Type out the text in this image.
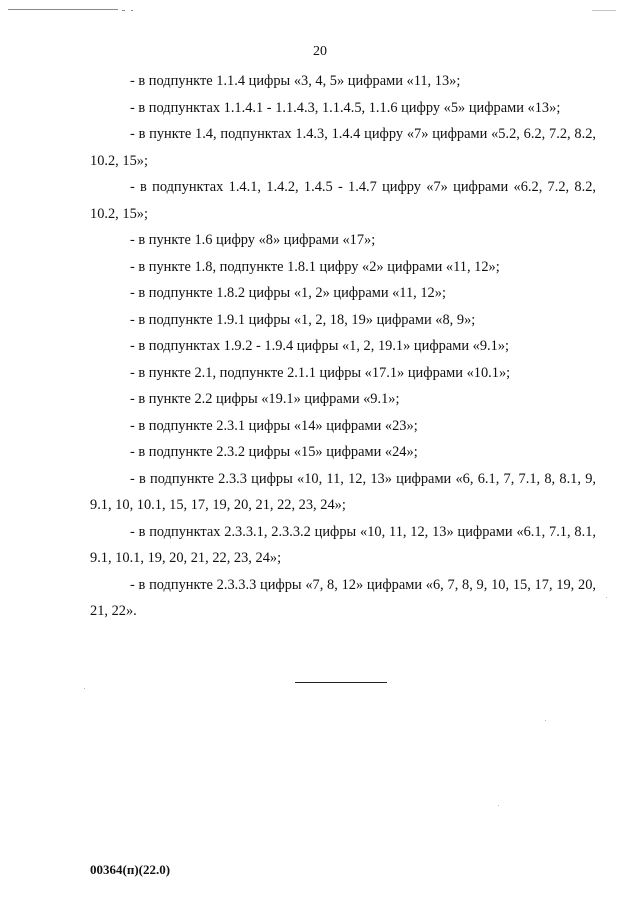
20

- в подпункте 1.1.4 цифры «3, 4, 5» цифрами «11, 13»;

- в подпунктах 1.1.4.1 - 1.1.4.3, 1.1.4.5, 1.1.6 цифру «5» цифрами «13»;

- в пункте 1.4, подпунктах 1.4.3, 1.4.4 цифру «7» цифрами «5.2, 6.2, 7.2, 8.2, 10.2, 15»;

- в подпунктах 1.4.1, 1.4.2, 1.4.5 - 1.4.7 цифру «7» цифрами «6.2, 7.2, 8.2, 10.2, 15»;

- в пункте 1.6 цифру «8» цифрами «17»;

- в пункте 1.8, подпункте 1.8.1 цифру «2» цифрами «11, 12»;

- в подпункте 1.8.2 цифры «1, 2» цифрами «11, 12»;

- в подпункте 1.9.1 цифры «1, 2, 18, 19» цифрами «8, 9»;

- в подпунктах 1.9.2 - 1.9.4 цифры «1, 2, 19.1» цифрами «9.1»;

- в пункте 2.1, подпункте 2.1.1 цифры «17.1» цифрами «10.1»;

- в пункте 2.2 цифры «19.1» цифрами «9.1»;

- в подпункте 2.3.1 цифры «14» цифрами «23»;

- в подпункте 2.3.2 цифры «15» цифрами «24»;

- в подпункте 2.3.3 цифры «10, 11, 12, 13» цифрами «6, 6.1, 7, 7.1, 8, 8.1, 9, 9.1, 10, 10.1, 15, 17, 19, 20, 21, 22, 23, 24»;

- в подпунктах 2.3.3.1, 2.3.3.2 цифры «10, 11, 12, 13» цифрами «6.1, 7.1, 8.1, 9.1, 10.1, 19, 20, 21, 22, 23, 24»;

- в подпункте 2.3.3.3 цифры «7, 8, 12» цифрами «6, 7, 8, 9, 10, 15, 17, 19, 20, 21, 22».

00364(п)(22.0)
